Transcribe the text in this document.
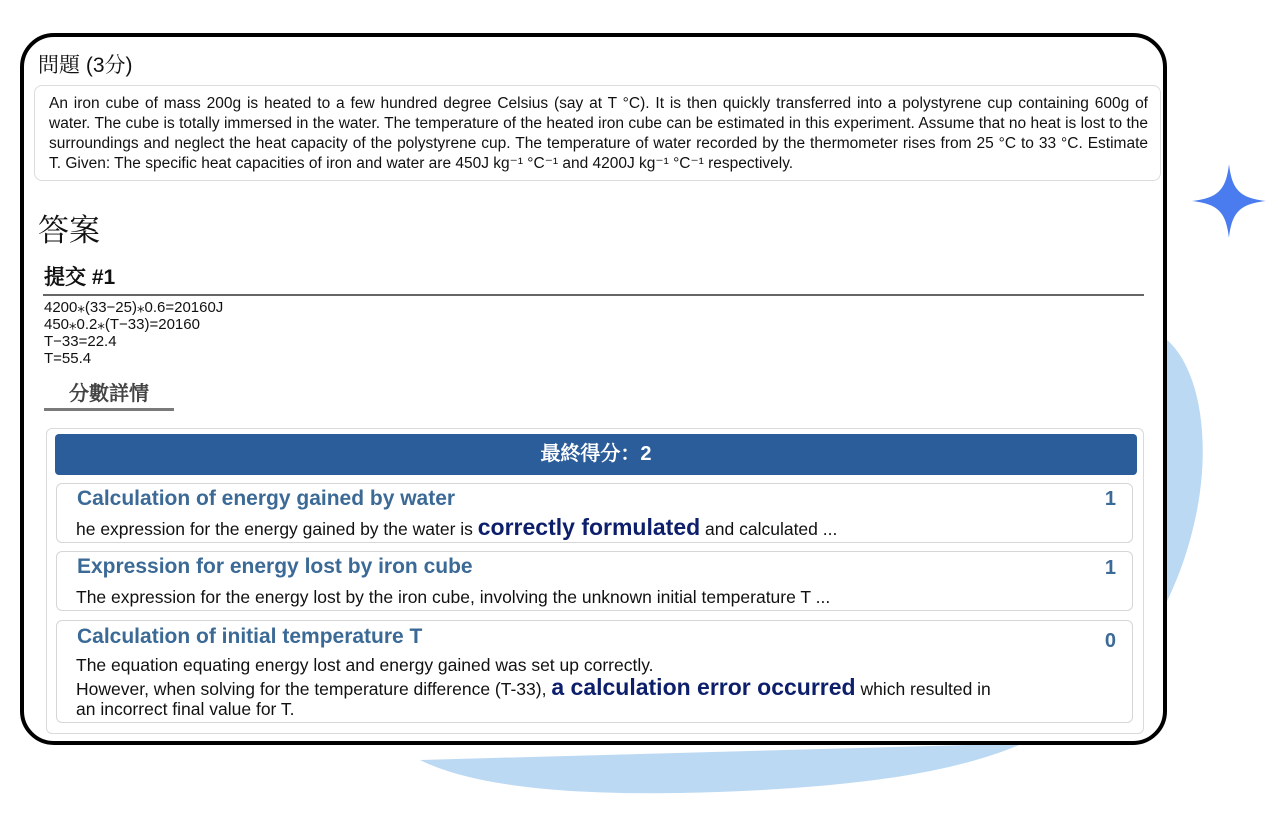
問題 (3分)
An iron cube of mass 200g is heated to a few hundred degree Celsius (say at T °C). It is then quickly transferred into a polystyrene cup containing 600g of water. The cube is totally immersed in the water. The temperature of the heated iron cube can be estimated in this experiment. Assume that no heat is lost to the surroundings and neglect the heat capacity of the polystyrene cup. The temperature of water recorded by the thermometer rises from 25 °C to 33 °C. Estimate T. Given: The specific heat capacities of iron and water are 450J kg⁻¹ °C⁻¹ and 4200J kg⁻¹ °C⁻¹ respectively.
答案
提交 #1
4200⁎(33−25)⁎0.6=20160J
450⁎0.2⁎(T−33)=20160
T−33=22.4
T=55.4
分數詳情
最終得分：2
Calculation of energy gained by water	1
he expression for the energy gained by the water is correctly formulated and calculated ...
Expression for energy lost by iron cube	1
The expression for the energy lost by the iron cube, involving the unknown initial temperature T ...
Calculation of initial temperature T	0
The equation equating energy lost and energy gained was set up correctly.
However, when solving for the temperature difference (T-33), a calculation error occurred which resulted in
an incorrect final value for T.
